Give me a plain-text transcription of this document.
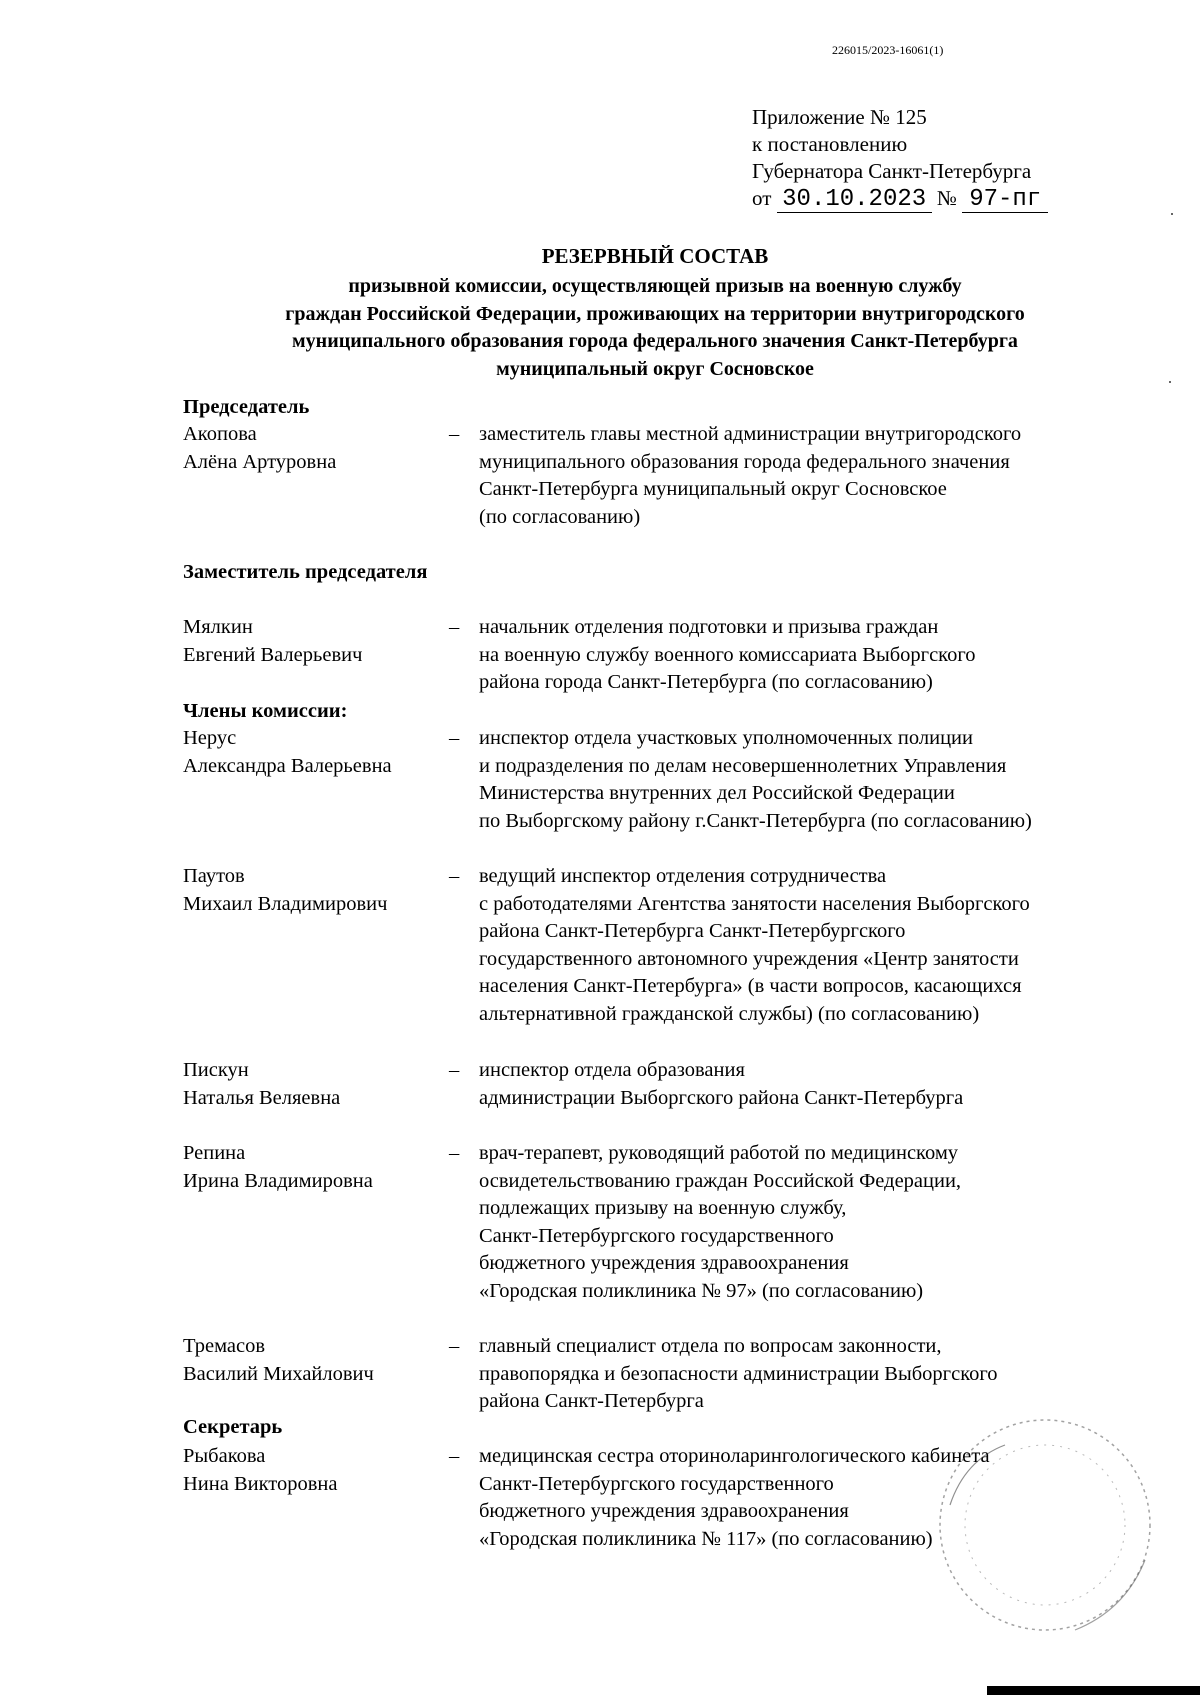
226015/2023-16061(1)
Приложение № 125
к постановлению
Губернатора Санкт-Петербурга
от 30.10.2023 № 97-пг
РЕЗЕРВНЫЙ СОСТАВ
призывной комиссии, осуществляющей призыв на военную службу
граждан Российской Федерации, проживающих на территории внутригородского
муниципального образования города федерального значения Санкт-Петербурга
муниципальный округ Сосновское
Председатель
Акопова
Алёна Артуровна
– заместитель главы местной администрации внутригородского
муниципального образования города федерального значения
Санкт-Петербурга муниципальный округ Сосновское
(по согласованию)
Заместитель председателя
Мялкин
Евгений Валерьевич
– начальник отделения подготовки и призыва граждан
на военную службу военного комиссариата Выборгского
района города Санкт-Петербурга (по согласованию)
Члены комиссии:
Нерус
Александра Валерьевна
– инспектор отдела участковых уполномоченных полиции
и подразделения по делам несовершеннолетних Управления
Министерства внутренних дел Российской Федерации
по Выборгскому району г.Санкт-Петербурга (по согласованию)
Паутов
Михаил Владимирович
– ведущий инспектор отделения сотрудничества
с работодателями Агентства занятости населения Выборгского
района Санкт-Петербурга Санкт-Петербургского
государственного автономного учреждения «Центр занятости
населения Санкт-Петербурга» (в части вопросов, касающихся
альтернативной гражданской службы) (по согласованию)
Пискун
Наталья Веляевна
– инспектор отдела образования
администрации Выборгского района Санкт-Петербурга
Репина
Ирина Владимировна
– врач-терапевт, руководящий работой по медицинскому
освидетельствованию граждан Российской Федерации,
подлежащих призыву на военную службу,
Санкт-Петербургского государственного
бюджетного учреждения здравоохранения
«Городская поликлиника № 97» (по согласованию)
Тремасов
Василий Михайлович
– главный специалист отдела по вопросам законности,
правопорядка и безопасности администрации Выборгского
района Санкт-Петербурга
Секретарь
Рыбакова
Нина Викторовна
– медицинская сестра оториноларингологического кабинета
Санкт-Петербургского государственного
бюджетного учреждения здравоохранения
«Городская поликлиника № 117» (по согласованию)
